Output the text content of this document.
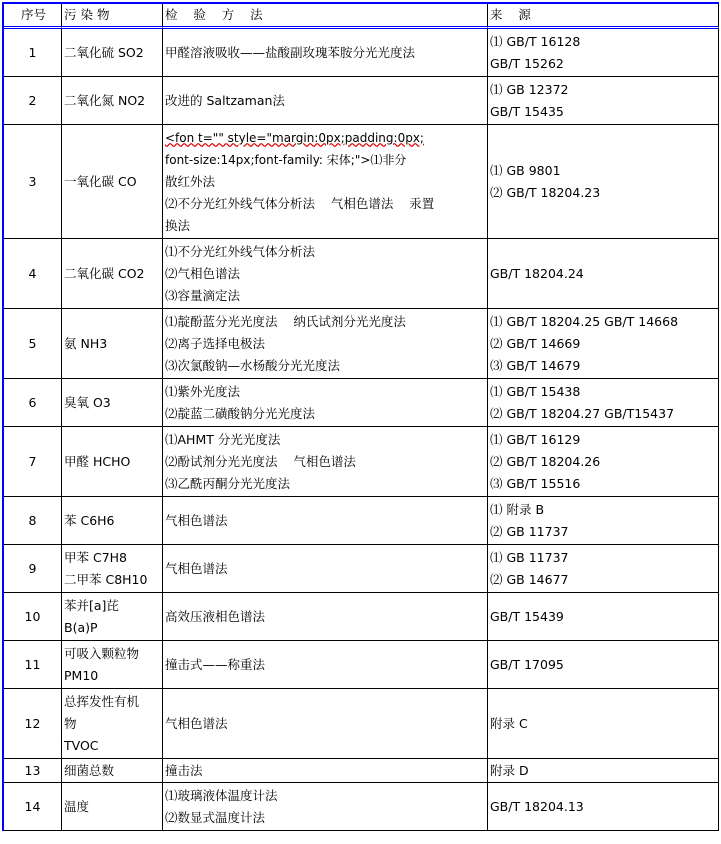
序号	污 染 物	检    验    方    法	来    源
1	二氧化硫 SO2	甲醛溶液吸收——盐酸副玫瑰苯胺分光光度法	⑴ GB/T 16128
GB/T 15262

2	二氧化氮 NO2	改进的 Saltzaman法	⑴ GB 12372
GB/T 15435

3	一氧化碳 CO	<fon t="" style="margin:0px;padding:0px;
font-size:14px;font-family: 宋体;">⑴非分
散红外法
⑵不分光红外线气体分析法    气相色谱法    汞置
换法	⑴ GB 9801
⑵ GB/T 18204.23

4	二氧化碳 CO2	⑴不分光红外线气体分析法
⑵气相色谱法
⑶容量滴定法	GB/T 18204.24

5	氨 NH3	⑴靛酚蓝分光光度法    纳氏试剂分光光度法
⑵离子选择电极法
⑶次氯酸钠—水杨酸分光光度法	⑴ GB/T 18204.25 GB/T 14668
⑵ GB/T 14669
⑶ GB/T 14679

6	臭氧 O3	⑴紫外光度法
⑵靛蓝二磺酸钠分光光度法	⑴ GB/T 15438
⑵ GB/T 18204.27 GB/T15437

7	甲醛 HCHO	⑴AHMT 分光光度法
⑵酚试剂分光光度法    气相色谱法
⑶乙酰丙酮分光光度法	⑴ GB/T 16129
⑵ GB/T 18204.26
⑶ GB/T 15516

8	苯 C6H6	气相色谱法	⑴ 附录 B
⑵ GB 11737

9	甲苯 C7H8
二甲苯 C8H10	气相色谱法	⑴ GB 11737
⑵ GB 14677

10	苯并[a]芘
B(a)P	高效压液相色谱法	GB/T 15439

11	可吸入颗粒物
PM10	撞击式——称重法	GB/T 17095

12	总挥发性有机
物
TVOC	气相色谱法	附录 C

13	细菌总数	撞击法	附录 D

14	温度	⑴玻璃液体温度计法
⑵数显式温度计法	GB/T 18204.13
